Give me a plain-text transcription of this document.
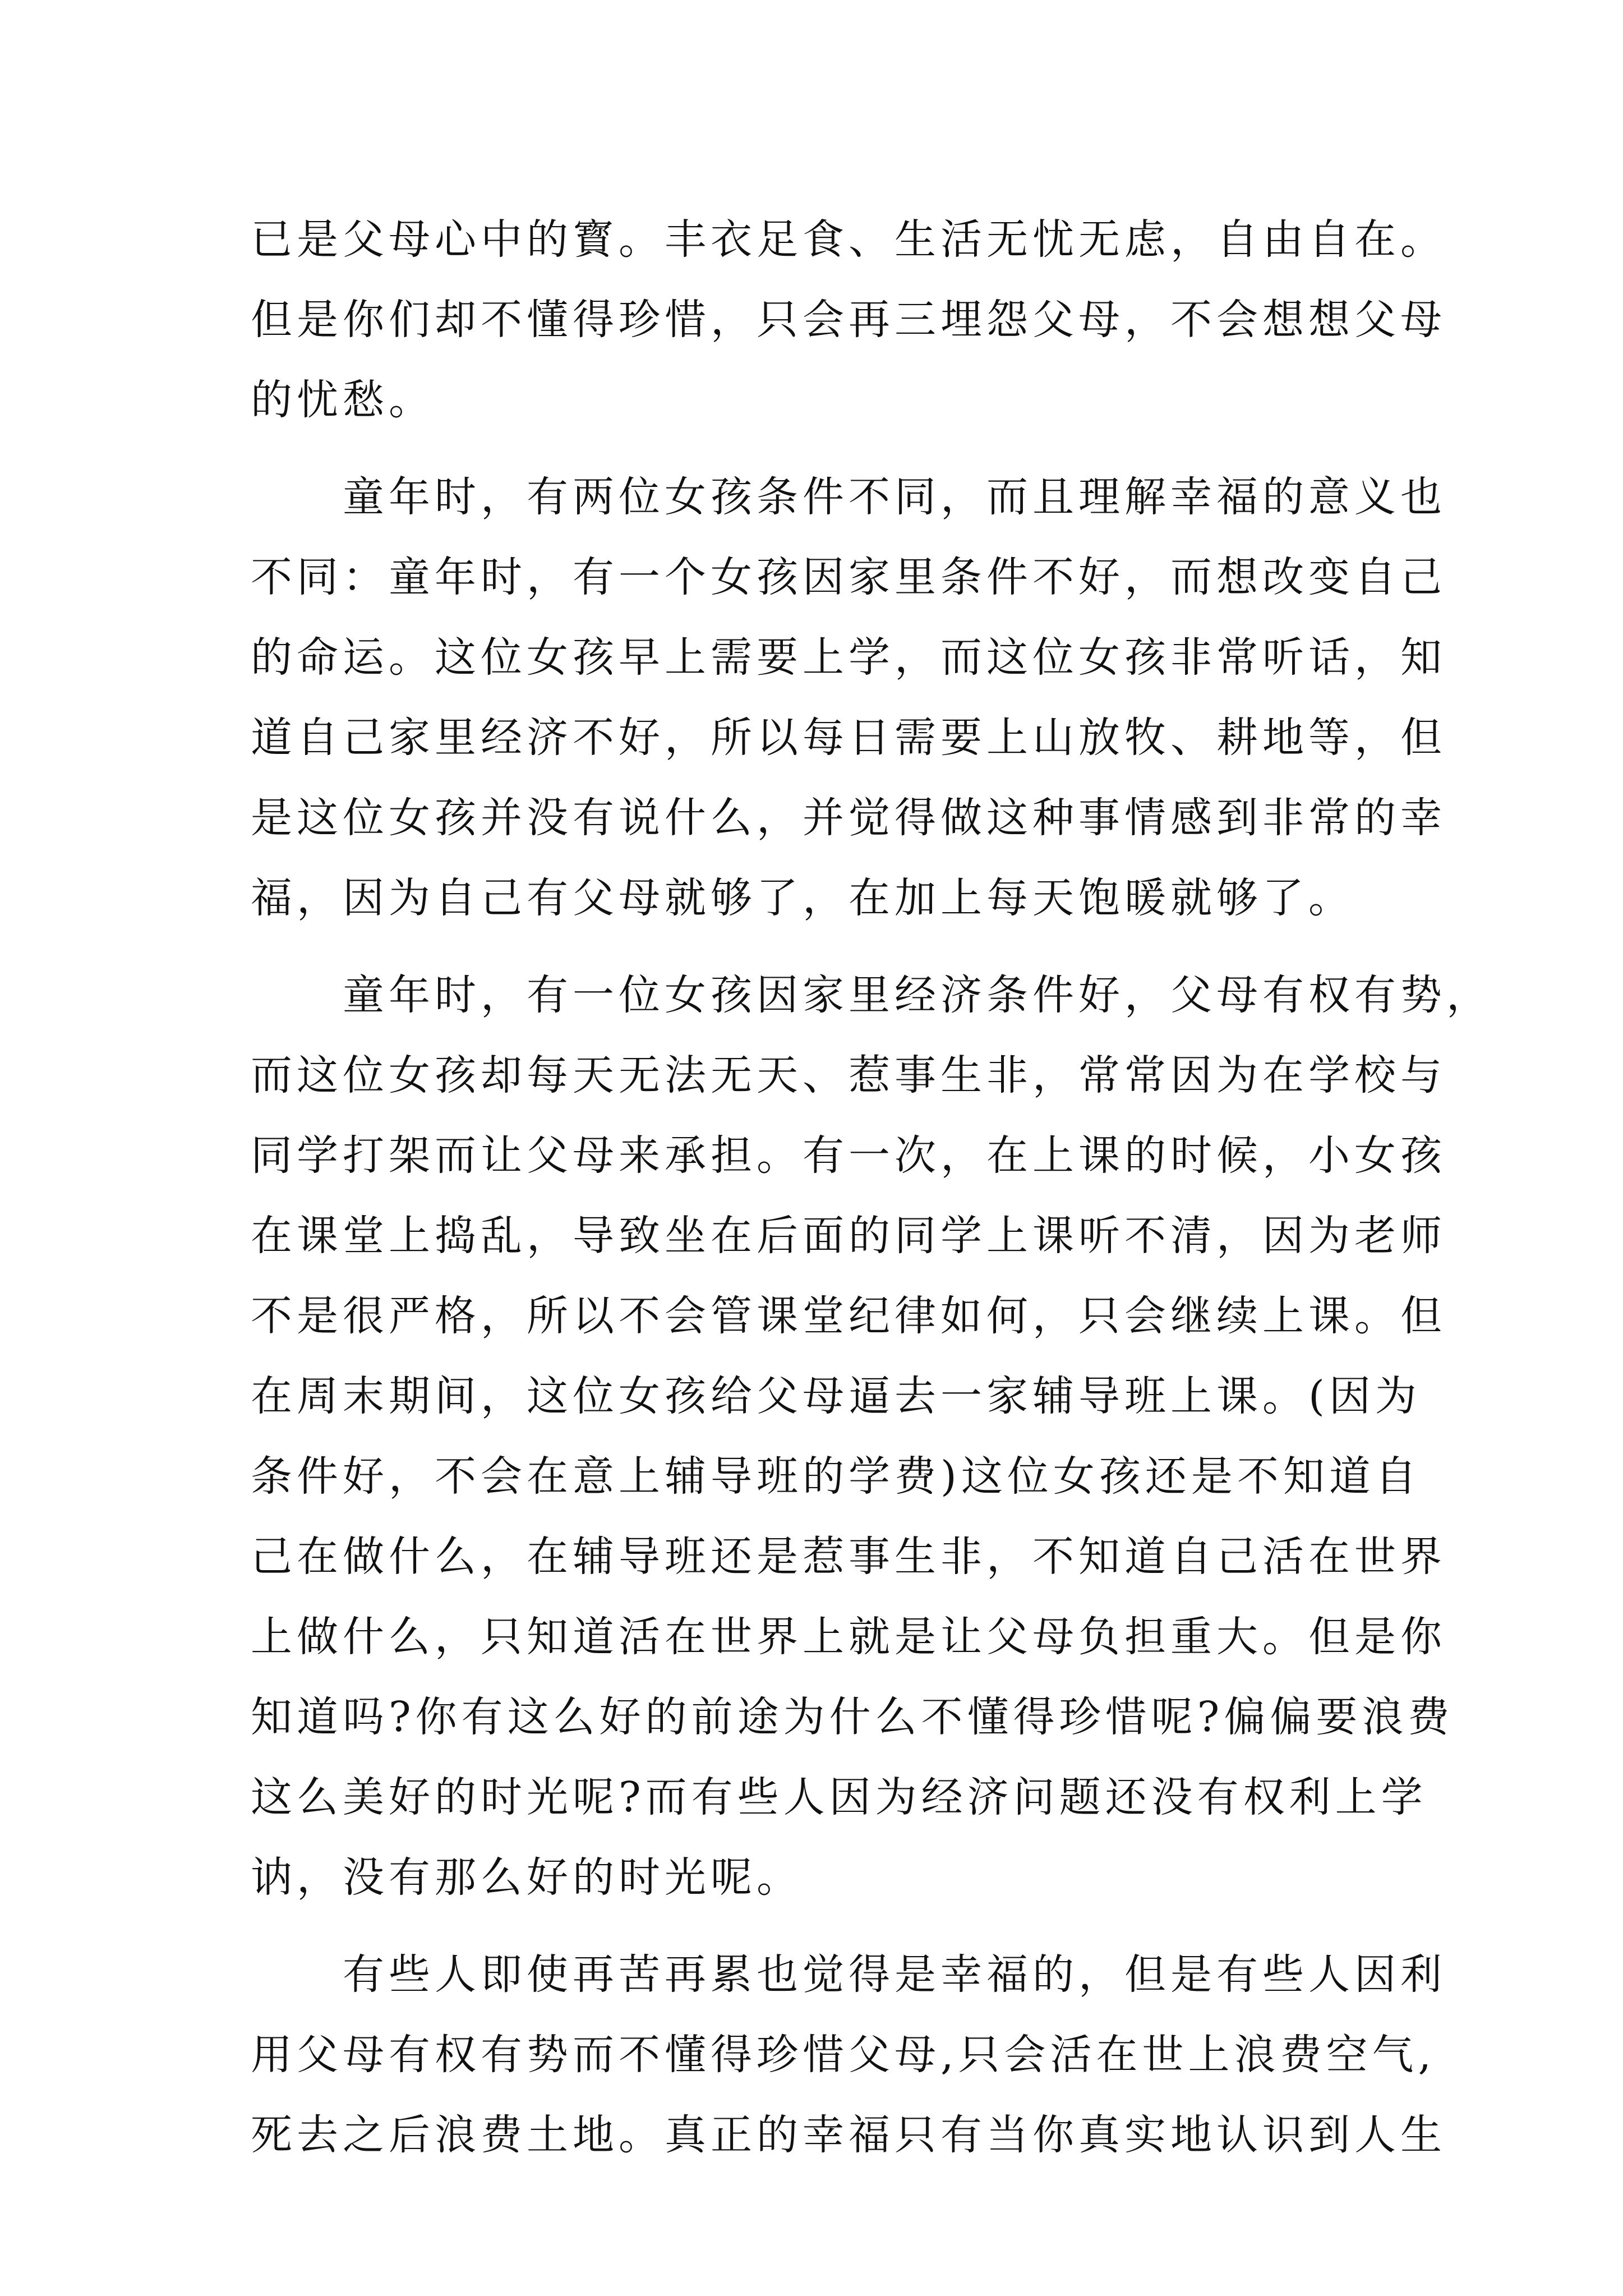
已是父母心中的寳。丰衣足食、生活无忧无虑，自由自在。
但是你们却不懂得珍惜，只会再三埋怨父母，不会想想父母
的忧愁。
　　童年时，有两位女孩条件不同，而且理解幸福的意义也
不同：童年时，有一个女孩因家里条件不好，而想改变自己
的命运。这位女孩早上需要上学，而这位女孩非常听话，知
道自己家里经济不好，所以每日需要上山放牧、耕地等，但
是这位女孩并没有说什么，并觉得做这种事情感到非常的幸
福，因为自己有父母就够了，在加上每天饱暖就够了。
　　童年时，有一位女孩因家里经济条件好，父母有权有势，
而这位女孩却每天无法无天、惹事生非，常常因为在学校与
同学打架而让父母来承担。有一次，在上课的时候，小女孩
在课堂上捣乱，导致坐在后面的同学上课听不清，因为老师
不是很严格，所以不会管课堂纪律如何，只会继续上课。但
在周末期间，这位女孩给父母逼去一家辅导班上课。(因为
条件好，不会在意上辅导班的学费)这位女孩还是不知道自
己在做什么，在辅导班还是惹事生非，不知道自己活在世界
上做什么，只知道活在世界上就是让父母负担重大。但是你
知道吗?你有这么好的前途为什么不懂得珍惜呢?偏偏要浪费
这么美好的时光呢?而有些人因为经济问题还没有权利上学
讷，没有那么好的时光呢。
　　有些人即使再苦再累也觉得是幸福的，但是有些人因利
用父母有权有势而不懂得珍惜父母,只会活在世上浪费空气,
死去之后浪费土地。真正的幸福只有当你真实地认识到人生
